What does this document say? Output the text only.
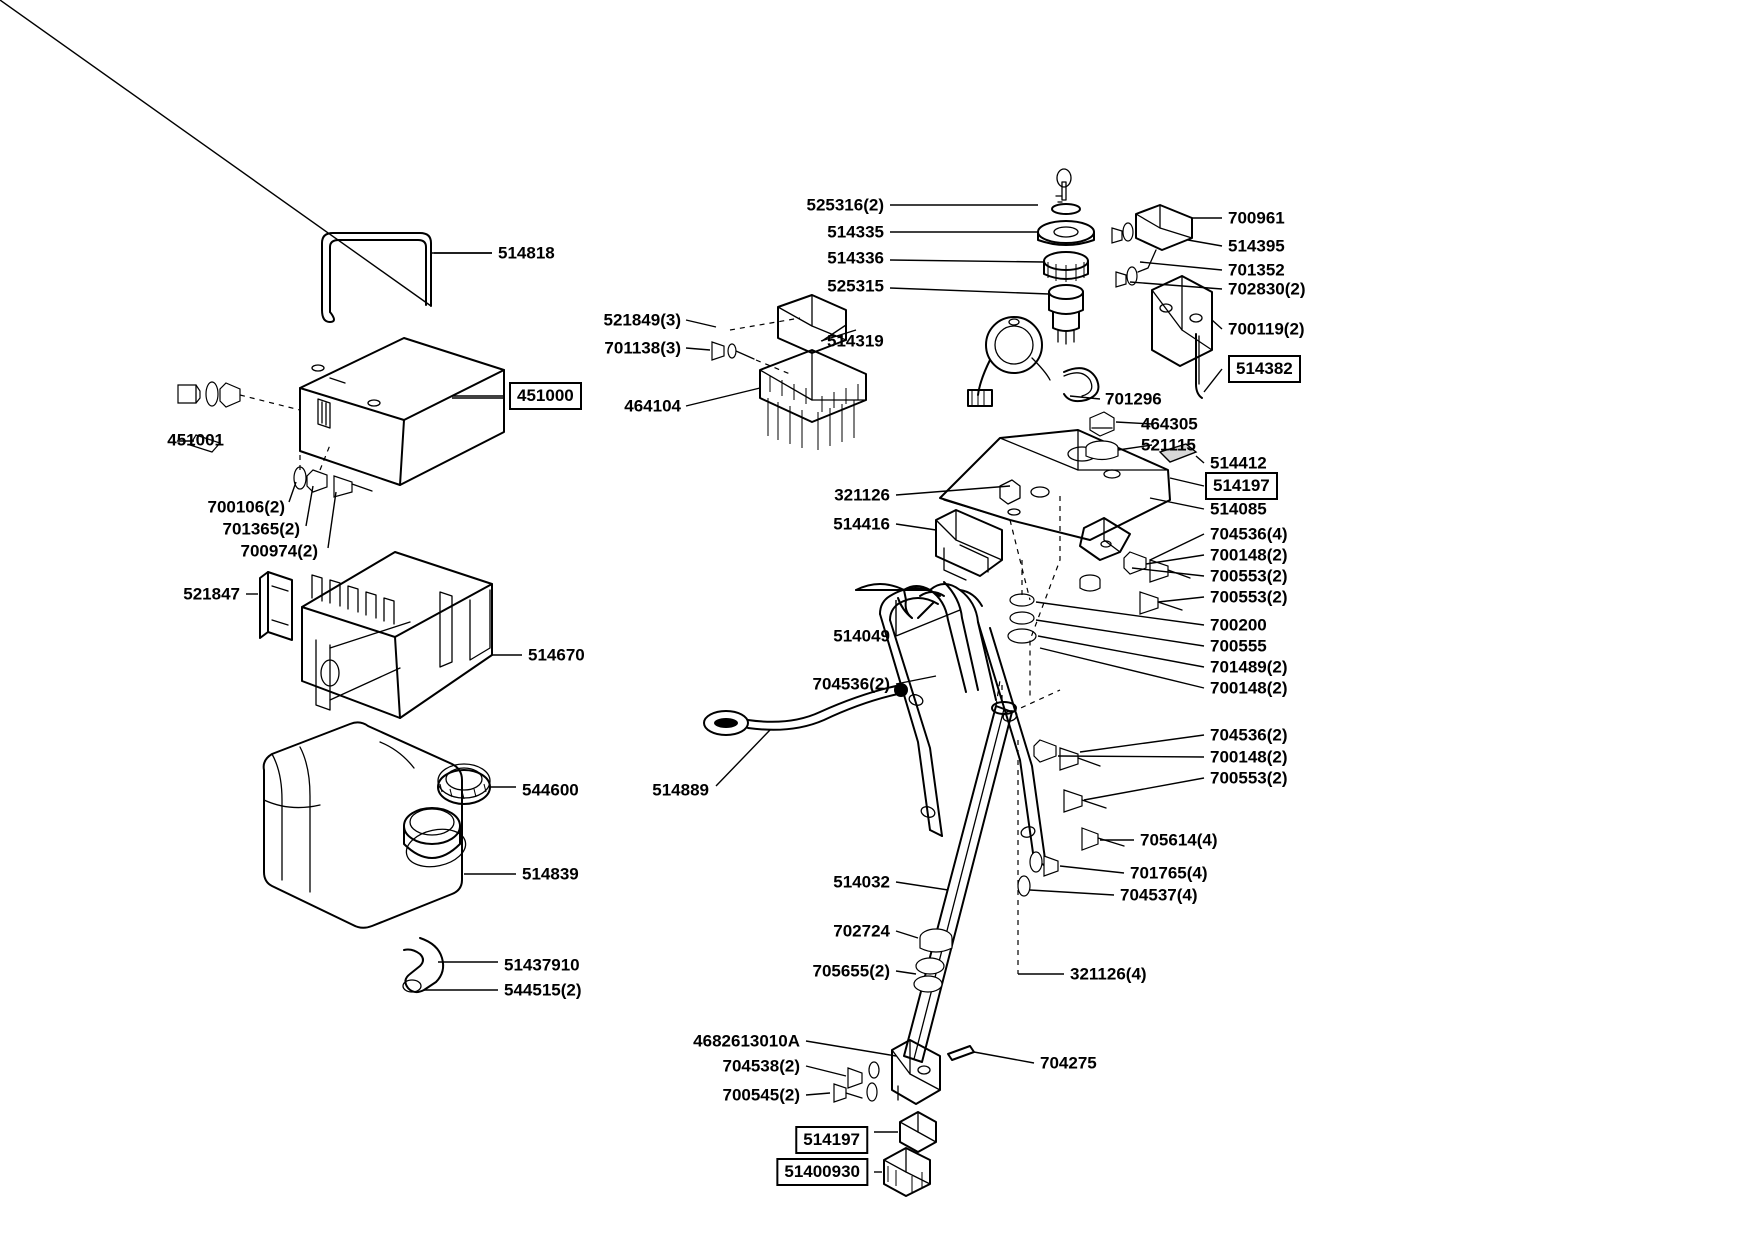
514818
525316(2)
514335
514336
525315
700961
514395
701352
702830(2)
700119(2)
514382
521849(3)
701138(3)	514319
464104	701296
451000
451001
700106(2)
701365(2)
700974(2)
464305
521115
514412
514197
514085
321126
514416
704536(4)
700148(2)
700553(2)
700553(2)
700200
700555
701489(2)
700148(2)
514049
704536(2)
704536(2)
700148(2)
700553(2)
705614(4)
701765(4)
704537(4)
521847
514670
544600
514839
51437910
544515(2)
514889
514032
702724
705655(2)	321126(4)
4682613010A
704538(2)
700545(2)
704275
514197
51400930
